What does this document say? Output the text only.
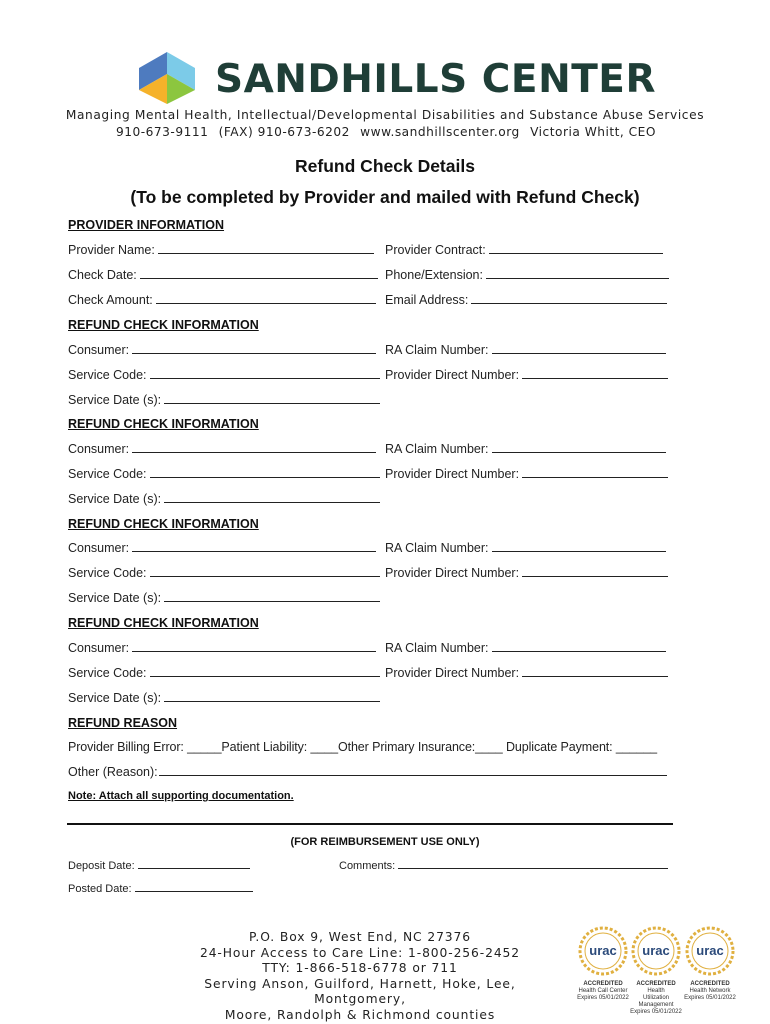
SANDHILLS CENTER
Managing Mental Health, Intellectual/Developmental Disabilities and Substance Abuse Services
910-673-9111 (FAX) 910-673-6202 www.sandhillscenter.org Victoria Whitt, CEO
Refund Check Details
(To be completed by Provider and mailed with Refund Check)
PROVIDER INFORMATION
Provider Name:	Provider Contract:
Check Date:	Phone/Extension:
Check Amount:	Email Address:
REFUND CHECK INFORMATION
Consumer:	RA Claim Number:
Service Code:	Provider Direct Number:
Service Date (s):
REFUND CHECK INFORMATION
Consumer:	RA Claim Number:
Service Code:	Provider Direct Number:
Service Date (s):
REFUND CHECK INFORMATION
Consumer:	RA Claim Number:
Service Code:	Provider Direct Number:
Service Date (s):
REFUND CHECK INFORMATION
Consumer:	RA Claim Number:
Service Code:	Provider Direct Number:
Service Date (s):
REFUND REASON
Provider Billing Error: _____Patient Liability: ____Other Primary Insurance:____ Duplicate Payment: ______
Other (Reason):
Note: Attach all supporting documentation.
(FOR REIMBURSEMENT USE ONLY)
Deposit Date:	Comments:
Posted Date:
P.O. Box 9, West End, NC 27376
24-Hour Access to Care Line: 1-800-256-2452
TTY: 1-866-518-6778 or 711
Serving Anson, Guilford, Harnett, Hoke, Lee, Montgomery,
Moore, Randolph & Richmond counties
urac
ACCREDITED
Health Call Center
Expires 05/01/2022
urac
ACCREDITED
Health
Utilization
Management
Expires 05/01/2022
urac
ACCREDITED
Health Network
Expires 05/01/2022
